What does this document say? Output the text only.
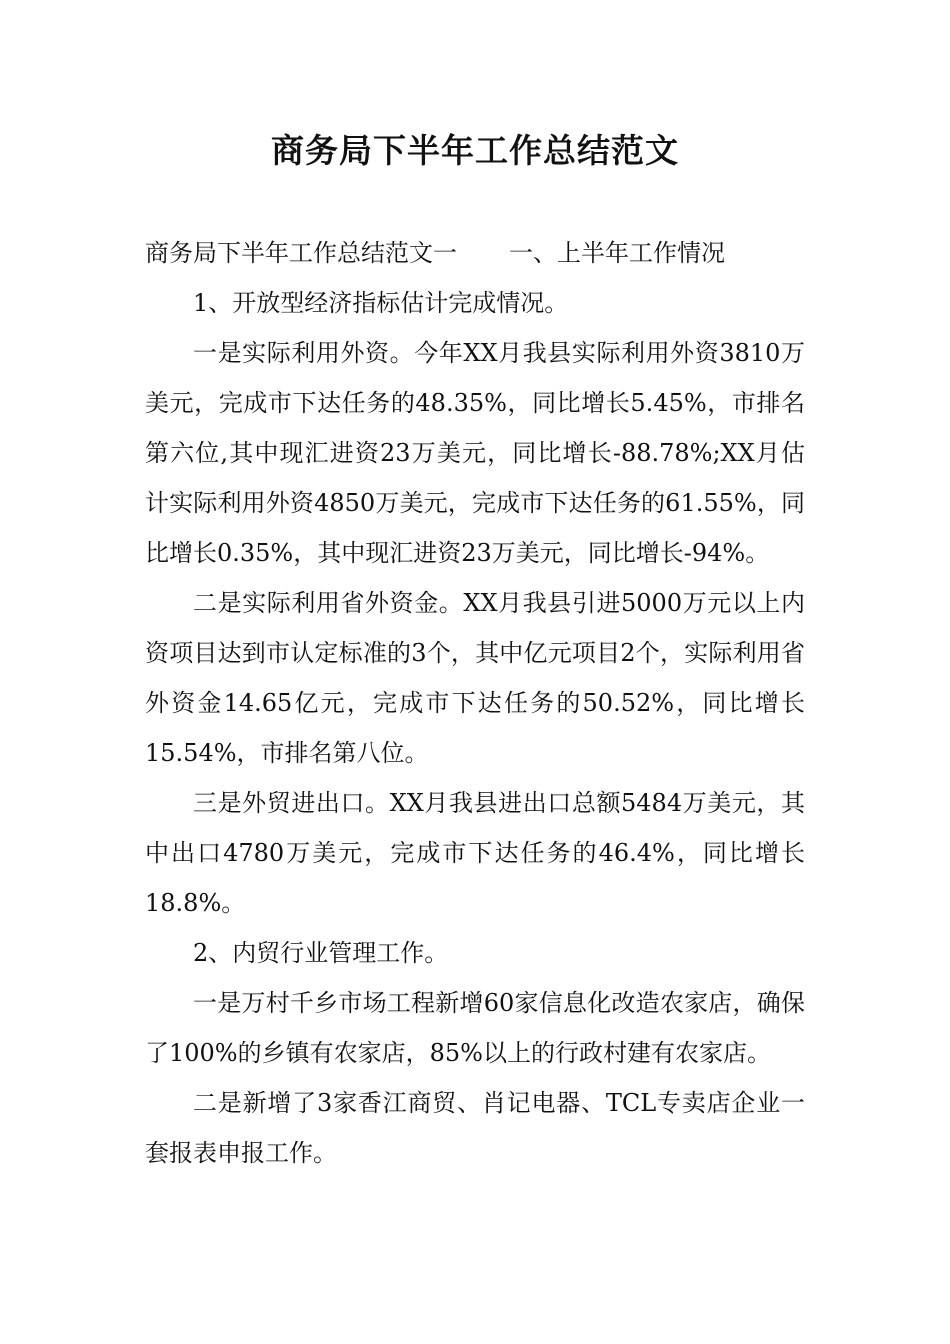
商务局下半年工作总结范文

商务局下半年工作总结范文一 一、上半年工作情况

1、开放型经济指标估计完成情况。

一是实际利用外资。今年XX月我县实际利用外资3810万美元，完成市下达任务的48.35%，同比增长5.45%，市排名第六位,其中现汇进资23万美元，同比增长-88.78%;XX月估计实际利用外资4850万美元，完成市下达任务的61.55%，同比增长0.35%，其中现汇进资23万美元，同比增长-94%。

二是实际利用省外资金。XX月我县引进5000万元以上内资项目达到市认定标准的3个，其中亿元项目2个，实际利用省外资金14.65亿元，完成市下达任务的50.52%，同比增长15.54%，市排名第八位。

三是外贸进出口。XX月我县进出口总额5484万美元，其中出口4780万美元，完成市下达任务的46.4%，同比增长18.8%。

2、内贸行业管理工作。

一是万村千乡市场工程新增60家信息化改造农家店，确保了100%的乡镇有农家店，85%以上的行政村建有农家店。

二是新增了3家香江商贸、肖记电器、TCL专卖店企业一套报表申报工作。
